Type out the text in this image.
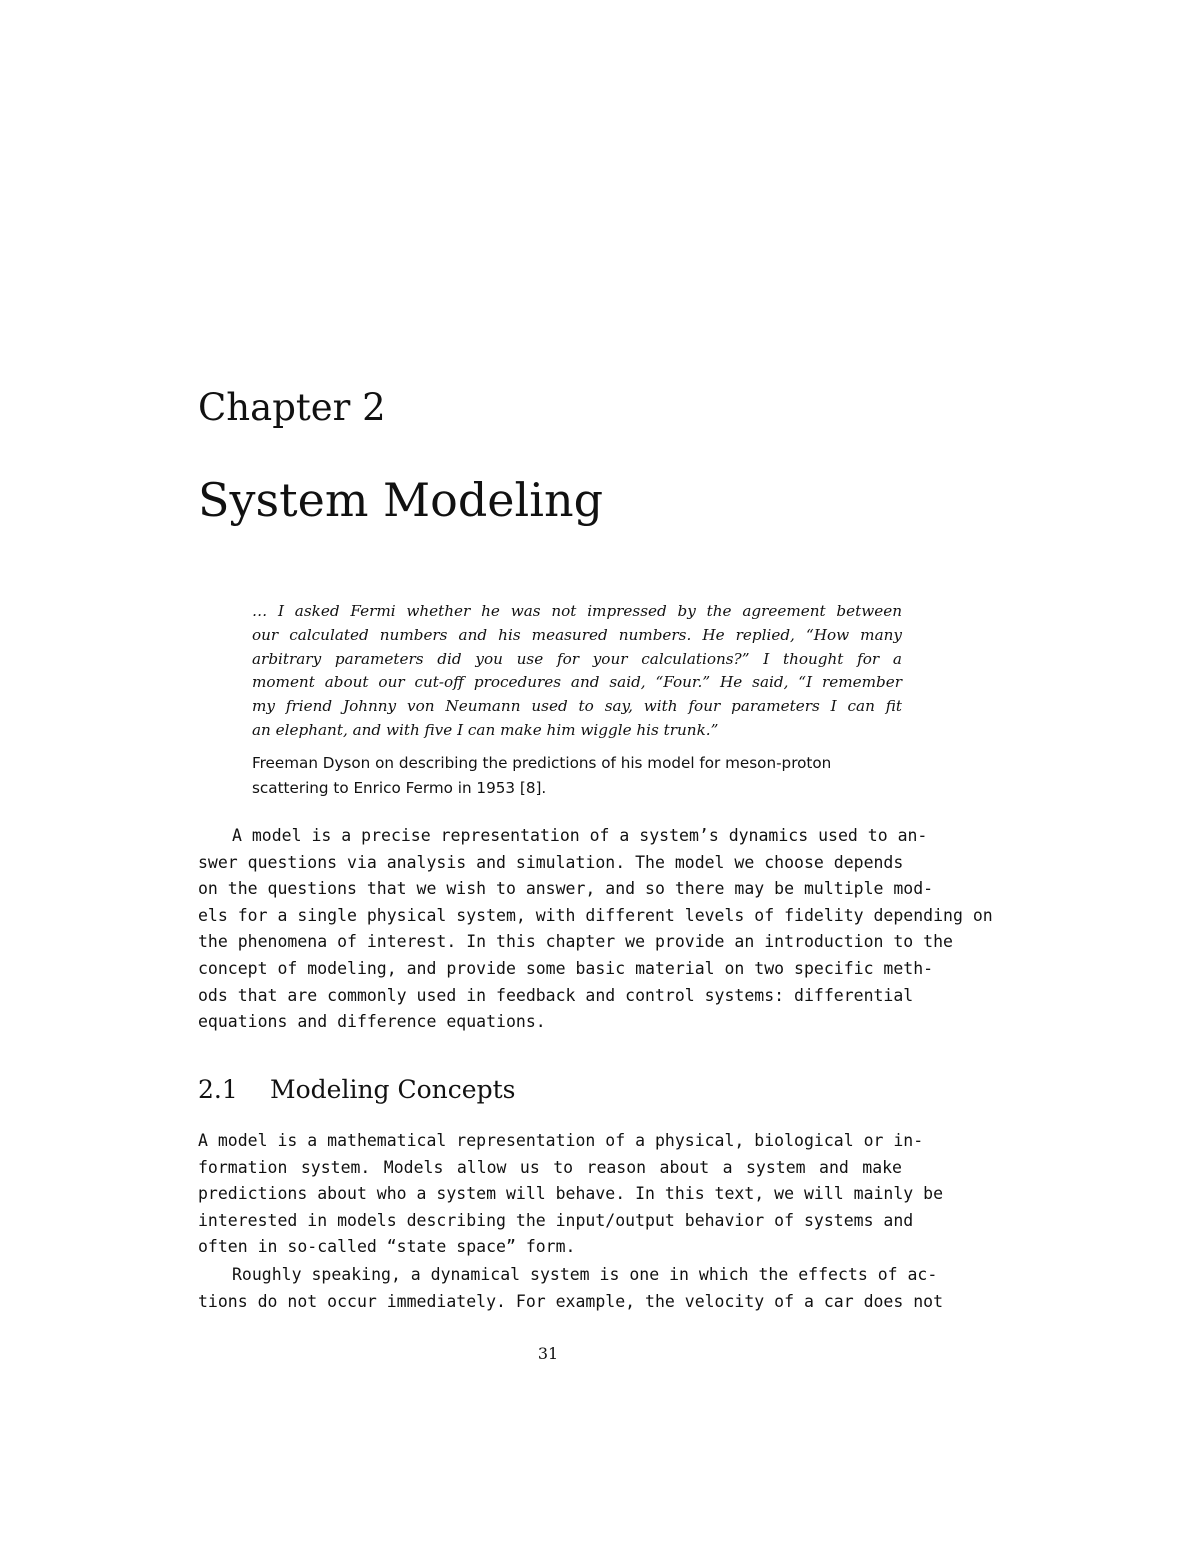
Chapter 2
System Modeling
… I asked Fermi whether he was not impressed by the agreement between
our calculated numbers and his measured numbers. He replied, “How many
arbitrary parameters did you use for your calculations?” I thought for a
moment about our cut-off procedures and said, “Four.” He said, “I remember
my friend Johnny von Neumann used to say, with four parameters I can fit
an elephant, and with five I can make him wiggle his trunk.”
Freeman Dyson on describing the predictions of his model for meson-proton
scattering to Enrico Fermo in 1953 [8].
A model is a precise representation of a system’s dynamics used to an-
swer questions via analysis and simulation. The model we choose depends
on the questions that we wish to answer, and so there may be multiple mod-
els for a single physical system, with different levels of fidelity depending on
the phenomena of interest. In this chapter we provide an introduction to the
concept of modeling, and provide some basic material on two specific meth-
ods that are commonly used in feedback and control systems: differential
equations and difference equations.
2.1 Modeling Concepts
A model is a mathematical representation of a physical, biological or in-
formation system. Models allow us to reason about a system and make
predictions about who a system will behave. In this text, we will mainly be
interested in models describing the input/output behavior of systems and
often in so-called “state space” form.
Roughly speaking, a dynamical system is one in which the effects of ac-
tions do not occur immediately. For example, the velocity of a car does not
31
